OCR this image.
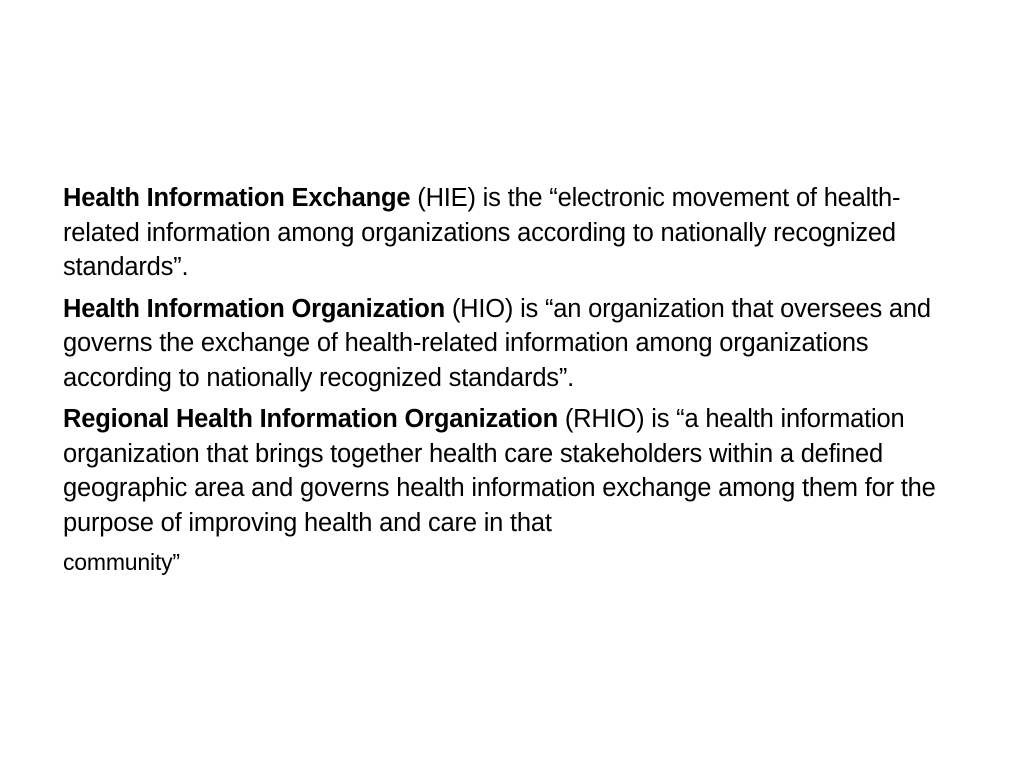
Health Information Exchange (HIE) is the “electronic movement of health-related information among organizations according to nationally recognized standards”.

Health Information Organization (HIO) is “an organization that oversees and governs the exchange of health-related information among organizations according to nationally recognized standards”.

Regional Health Information Organization (RHIO) is “a health information organization that brings together health care stakeholders within a defined geographic area and governs health information exchange among them for the purpose of improving health and care in that

community”
